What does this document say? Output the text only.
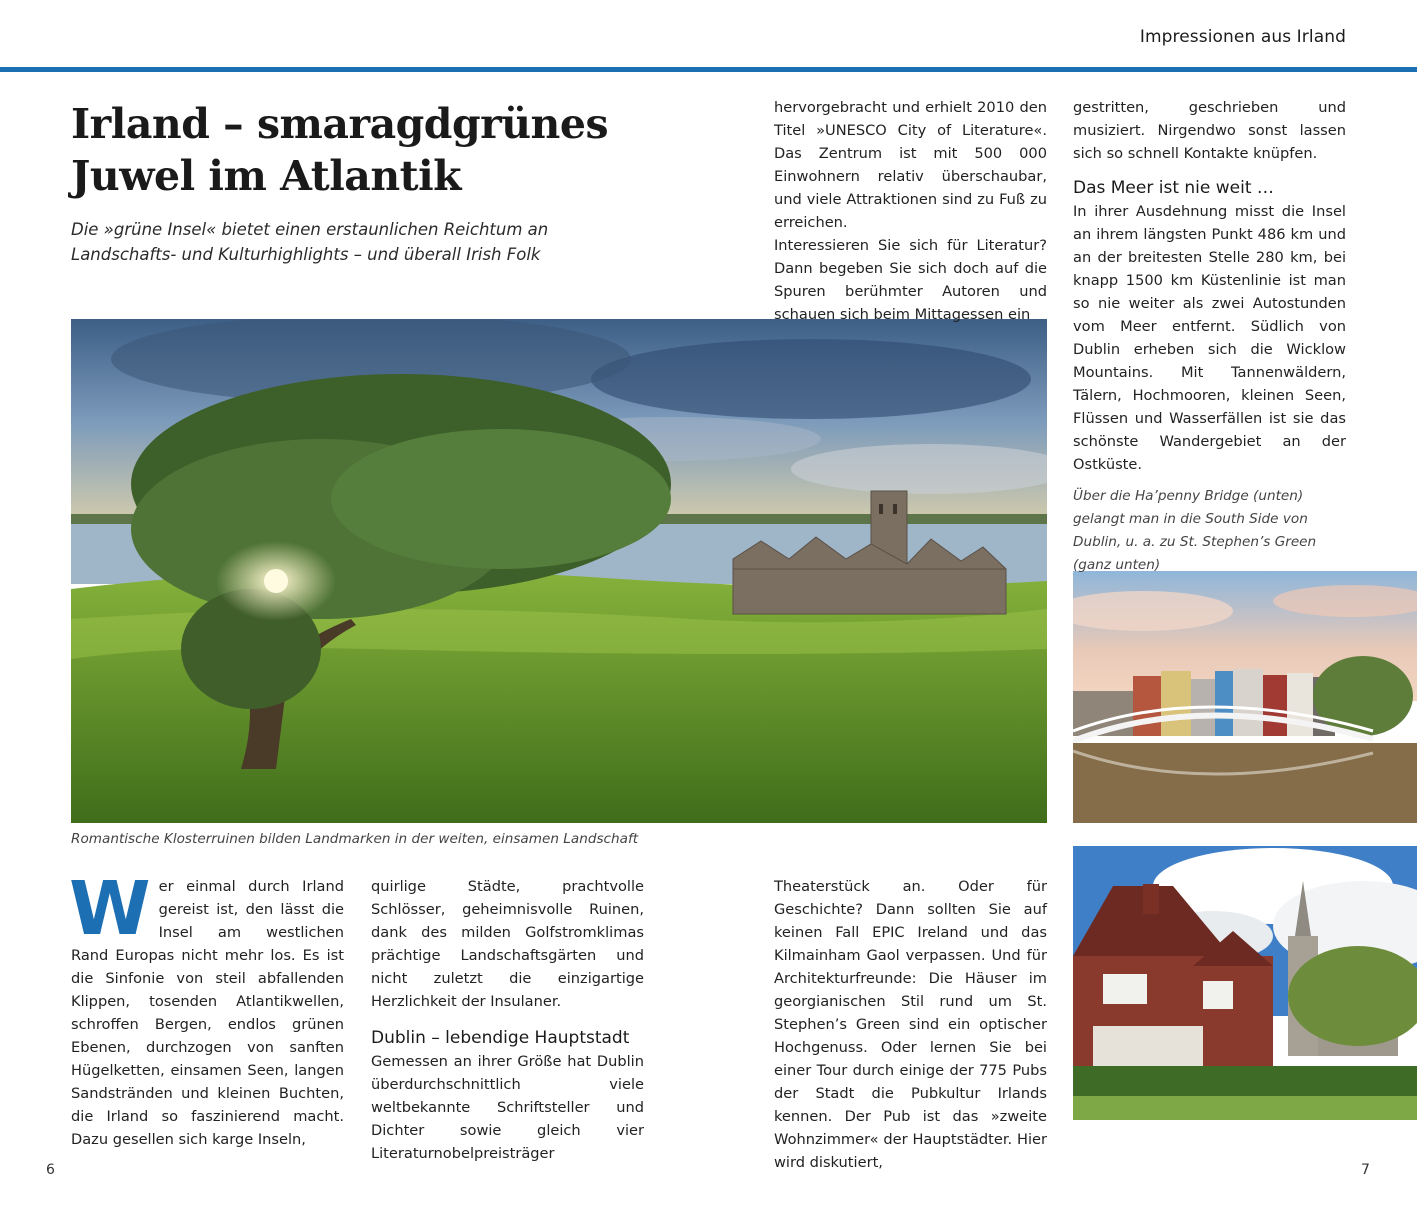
Impressionen aus Irland
Irland – smaragdgrünes
Juwel im Atlantik
Die »grüne Insel« bietet einen erstaunlichen Reichtum an
Landschafts- und Kulturhighlights – und überall Irish Folk
Romantische Klosterruinen bilden Landmarken in der weiten, einsamen Landschaft
Über die Ha’penny Bridge (unten) gelangt man in die South Side von Dublin, u. a. zu St. Stephen’s Green (ganz unten)

Wer einmal durch Irland gereist ist, den lässt die Insel am westlichen Rand Europas nicht mehr los. Es ist die Sinfonie von steil abfallenden Klippen, tosenden Atlantikwellen, schroffen Bergen, endlos grünen Ebenen, durchzogen von sanften Hügelketten, einsamen Seen, langen Sandstränden und kleinen Buchten, die Irland so faszinierend macht. Dazu gesellen sich karge Inseln,

quirlige Städte, prachtvolle Schlösser, geheimnisvolle Ruinen, dank des milden Golfstromklimas prächtige Landschaftsgärten und nicht zuletzt die einzigartige Herzlichkeit der Insulaner.

Dublin – lebendige Hauptstadt

Gemessen an ihrer Größe hat Dublin überdurchschnittlich viele weltbekannte Schriftsteller und Dichter sowie gleich vier Literaturnobelpreisträger

hervorgebracht und erhielt 2010 den Titel »UNESCO City of Literature«. Das Zentrum ist mit 500 000 Einwohnern relativ überschaubar, und viele Attraktionen sind zu Fuß zu erreichen.

Interessieren Sie sich für Literatur? Dann begeben Sie sich doch auf die Spuren berühmter Autoren und schauen sich beim Mittagessen ein

Theaterstück an. Oder für Geschichte? Dann sollten Sie auf keinen Fall EPIC Ireland und das Kilmainham Gaol verpassen. Und für Architekturfreunde: Die Häuser im georgianischen Stil rund um St. Stephen’s Green sind ein optischer Hochgenuss. Oder lernen Sie bei einer Tour durch einige der 775 Pubs der Stadt die Pubkultur Irlands kennen. Der Pub ist das »zweite Wohnzimmer« der Hauptstädter. Hier wird diskutiert,

gestritten, geschrieben und musiziert. Nirgendwo sonst lassen sich so schnell Kontakte knüpfen.

Das Meer ist nie weit …

In ihrer Ausdehnung misst die Insel an ihrem längsten Punkt 486 km und an der breitesten Stelle 280 km, bei knapp 1500 km Küstenlinie ist man so nie weiter als zwei Autostunden vom Meer entfernt. Südlich von Dublin erheben sich die Wicklow Mountains. Mit Tannenwäldern, Tälern, Hochmooren, kleinen Seen, Flüssen und Wasserfällen ist sie das schönste Wandergebiet an der Ostküste.

6	7
